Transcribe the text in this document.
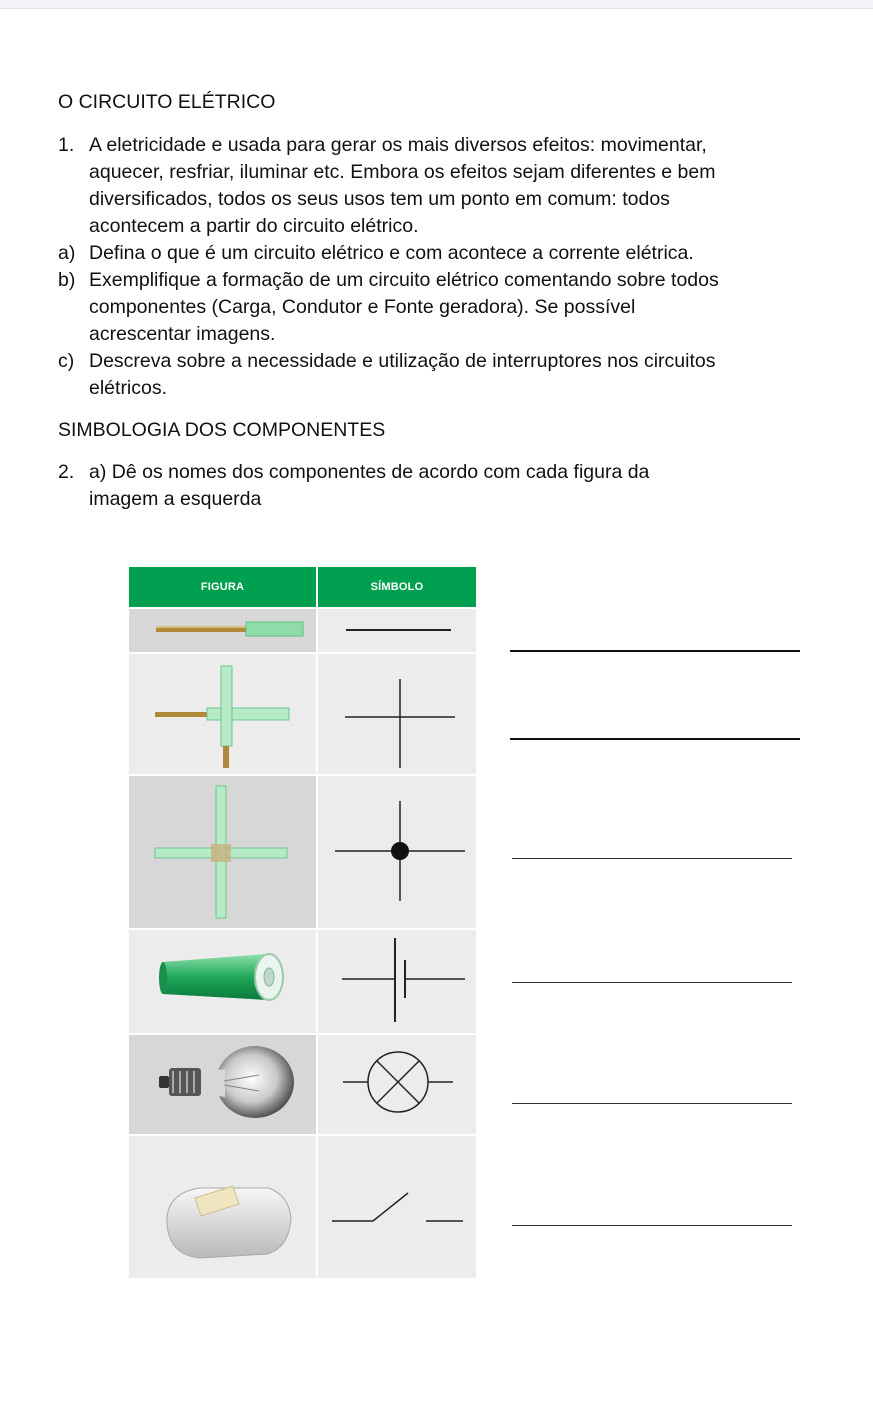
O CIRCUITO ELÉTRICO
1. A eletricidade e usada para gerar os mais diversos efeitos: movimentar,
aquecer, resfriar, iluminar etc. Embora os efeitos sejam diferentes e bem
diversificados, todos os seus usos tem um ponto em comum: todos
acontecem a partir do circuito elétrico.
a) Defina o que é um circuito elétrico e com acontece a corrente elétrica.
b) Exemplifique a formação de um circuito elétrico comentando sobre todos
componentes (Carga, Condutor e Fonte geradora). Se possível
acrescentar imagens.
c) Descreva sobre a necessidade e utilização de interruptores nos circuitos
elétricos.
SIMBOLOGIA DOS COMPONENTES
2. a) Dê os nomes dos componentes de acordo com cada figura da
imagem a esquerda
FIGURA	SÍMBOLO
